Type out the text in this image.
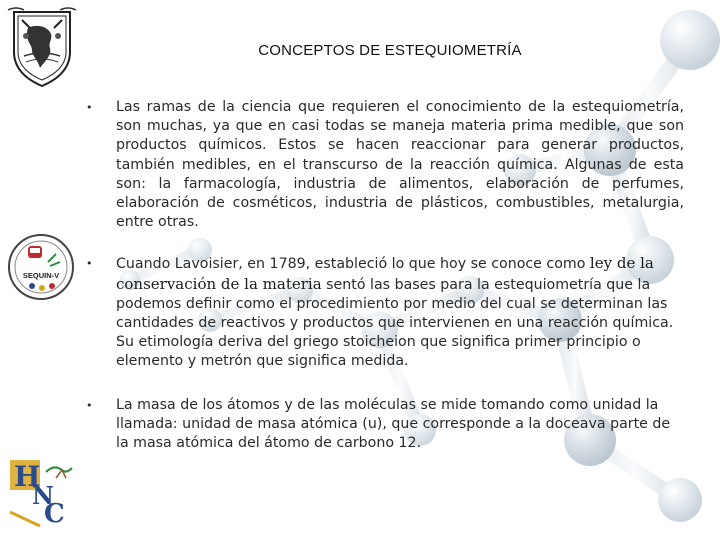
SEQUIN-V
H
N
C
CONCEPTOS DE ESTEQUIOMETRÍA
• Las ramas de la ciencia que requieren el conocimiento de la estequiometría, son muchas, ya que en casi todas se maneja materia prima medible, que son productos químicos. Estos se hacen reaccionar para generar productos, también medibles, en el transcurso de la reacción química. Algunas de esta son: la farmacología, industria de alimentos, elaboración de perfumes, elaboración de cosméticos, industria de plásticos, combustibles, metalurgia, entre otras.
• Cuando Lavoisier, en 1789, estableció lo que hoy se conoce como ley de la conservación de la materia sentó las bases para la estequiometría que la podemos definir como el procedimiento por medio del cual se determinan las cantidades de reactivos y productos que intervienen en una reacción química. Su etimología deriva del griego stoicheion que significa primer principio o elemento y metrón que significa medida.
• La masa de los átomos y de las moléculas se mide tomando como unidad la llamada: unidad de masa atómica (u), que corresponde a la doceava parte de la masa atómica del átomo de carbono 12.
